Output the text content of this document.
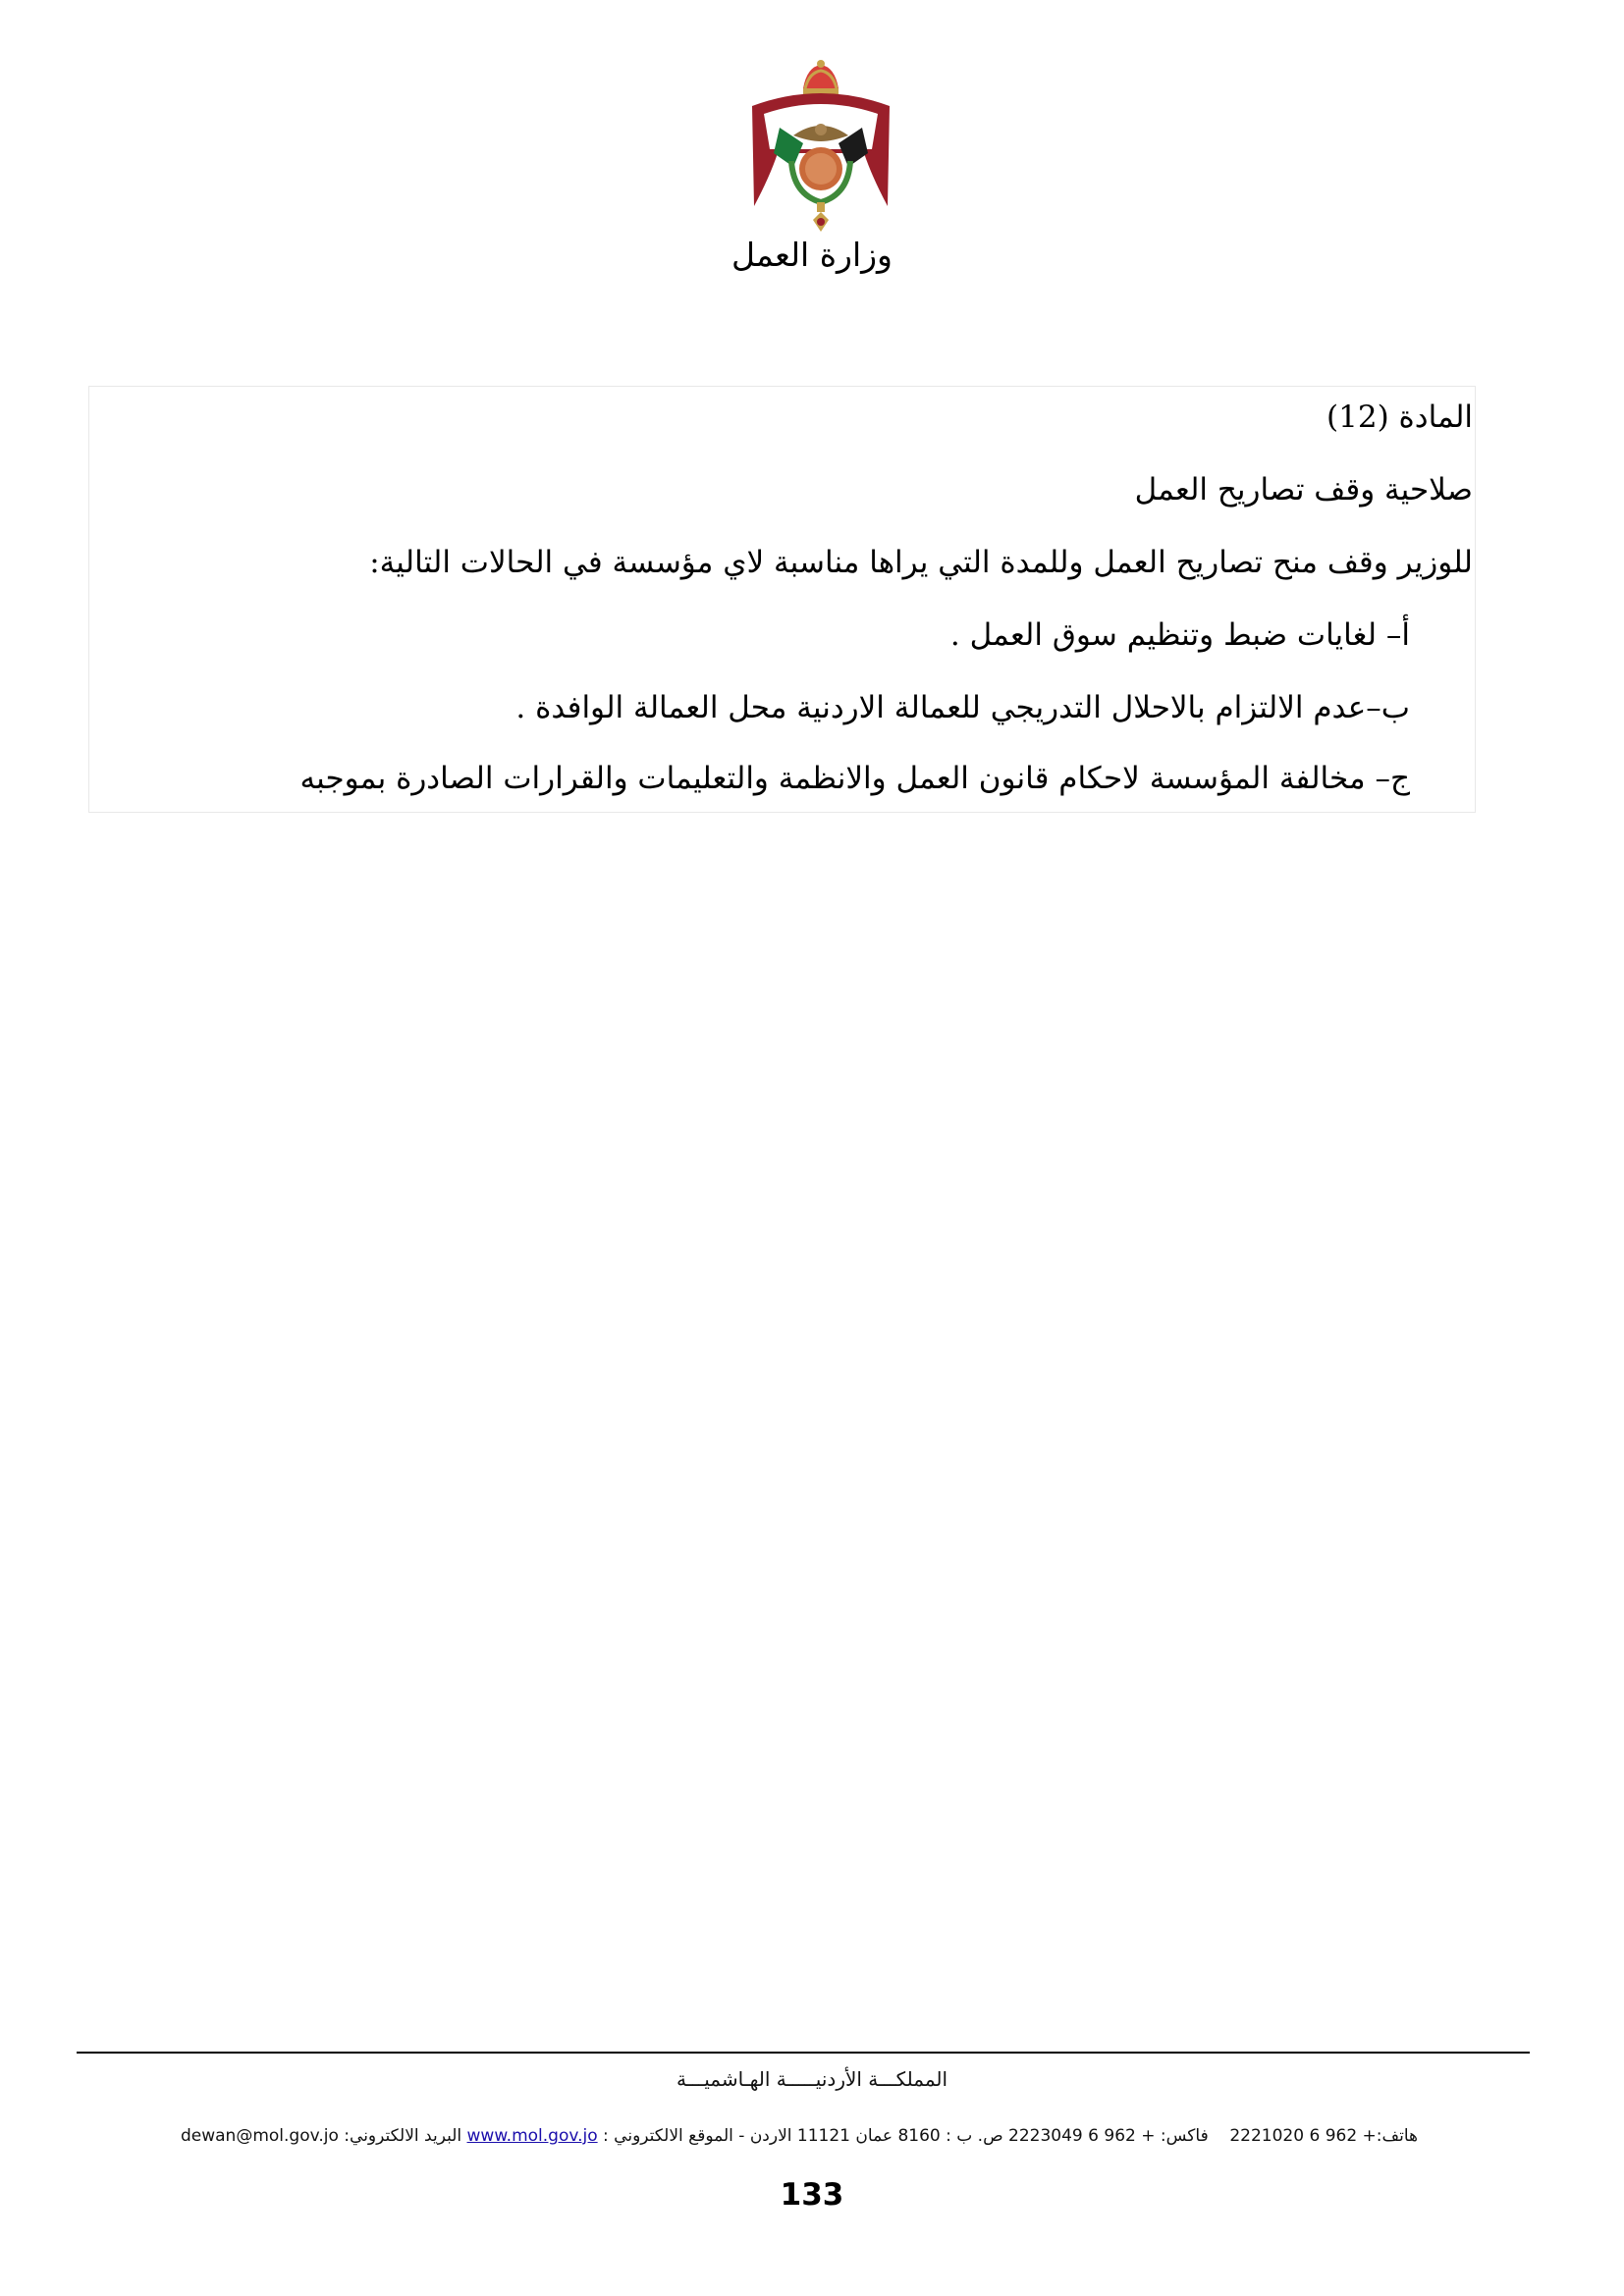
وزارة العمل
المادة (12)
صلاحية وقف تصاريح العمل
للوزير وقف منح تصاريح العمل وللمدة التي يراها مناسبة لاي مؤسسة في الحالات التالية:
أ– لغايات ضبط وتنظيم سوق العمل .
ب–عدم الالتزام بالاحلال التدريجي للعمالة الاردنية محل العمالة الوافدة .
ج– مخالفة المؤسسة لاحكام قانون العمل والانظمة والتعليمات والقرارات الصادرة بموجبه
المملكـــة الأردنيـــــة الهـاشميـــة
هاتف:+ 962 6 2221020    فاكس: + 962 6 2223049 ص. ب : 8160 عمان 11121 الاردن - الموقع الالكتروني : www.mol.gov.jo البريد الالكتروني: dewan@mol.gov.jo
133
